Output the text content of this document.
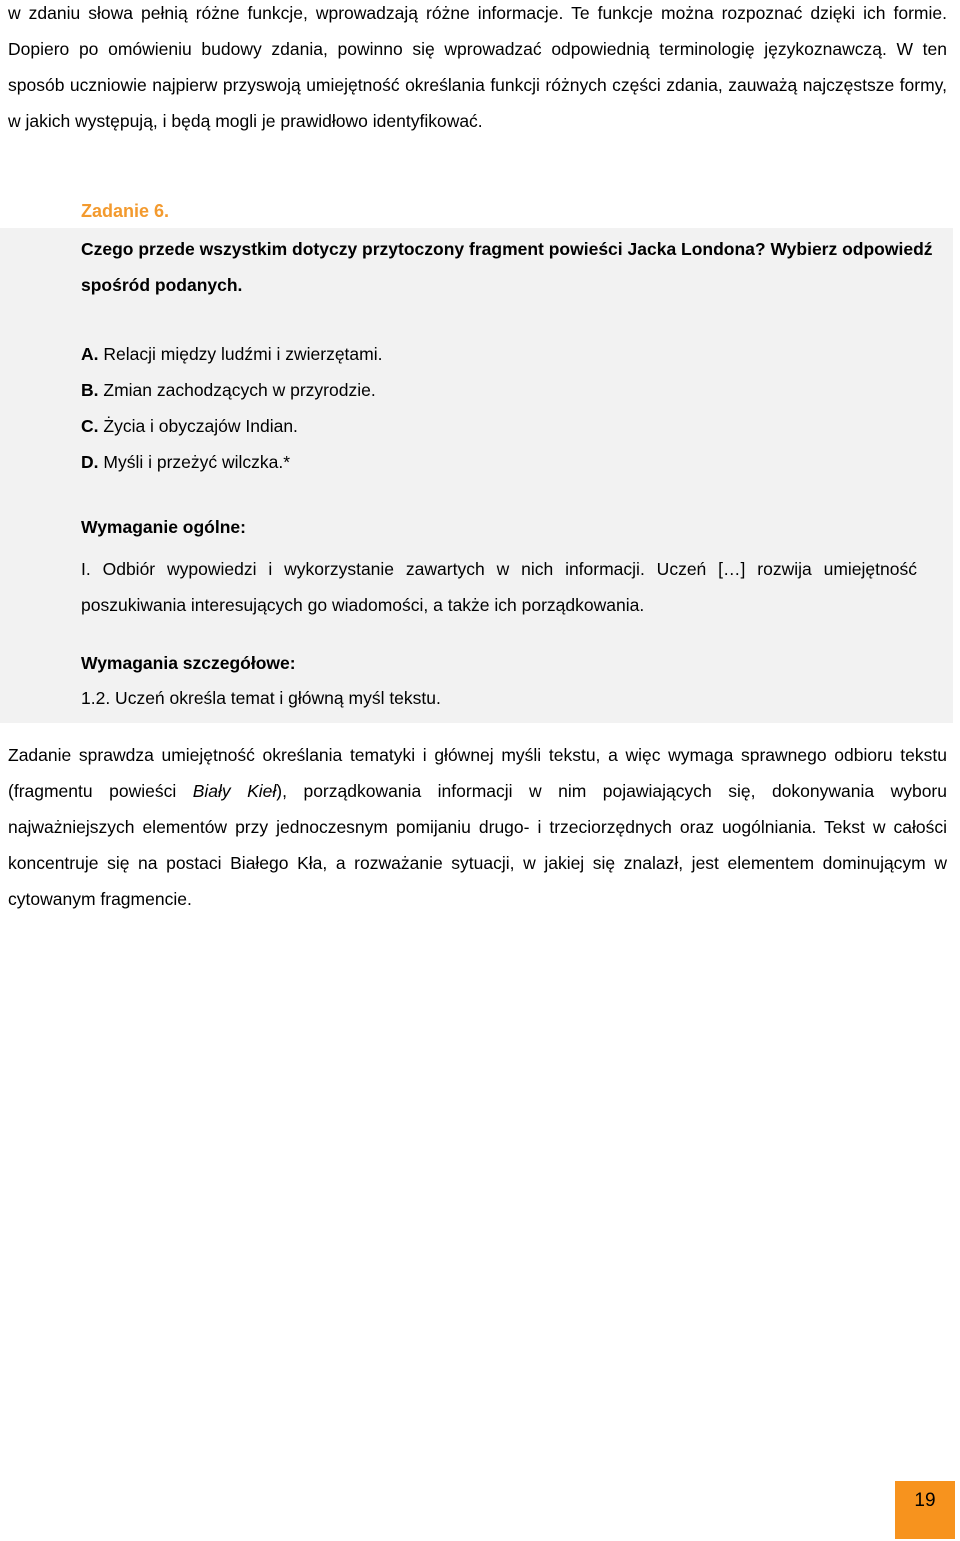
w zdaniu słowa pełnią różne funkcje, wprowadzają różne informacje. Te funkcje można rozpoznać dzięki ich formie. Dopiero po omówieniu budowy zdania, powinno się wprowadzać odpowiednią terminologię językoznawczą. W ten sposób uczniowie najpierw przyswoją umiejętność określania funkcji różnych części zdania, zauważą najczęstsze formy, w jakich występują, i będą mogli je prawidłowo identyfikować.

Zadanie 6.

Czego przede wszystkim dotyczy przytoczony fragment powieści Jacka Londona? Wybierz odpowiedź spośród podanych.

A. Relacji między ludźmi i zwierzętami.
B. Zmian zachodzących w przyrodzie.
C. Życia i obyczajów Indian.
D. Myśli i przeżyć wilczka.*

Wymaganie ogólne:

I. Odbiór wypowiedzi i wykorzystanie zawartych w nich informacji. Uczeń […] rozwija umiejętność poszukiwania interesujących go wiadomości, a także ich porządkowania.

Wymagania szczegółowe:

1.2. Uczeń określa temat i główną myśl tekstu.

Zadanie sprawdza umiejętność określania tematyki i głównej myśli tekstu, a więc wymaga sprawnego odbioru tekstu (fragmentu powieści Biały Kieł), porządkowania informacji w nim pojawiających się, dokonywania wyboru najważniejszych elementów przy jednoczesnym pomijaniu drugo- i trzeciorzędnych oraz uogólniania. Tekst w całości koncentruje się na postaci Białego Kła, a rozważanie sytuacji, w jakiej się znalazł, jest elementem dominującym w cytowanym fragmencie.

19
